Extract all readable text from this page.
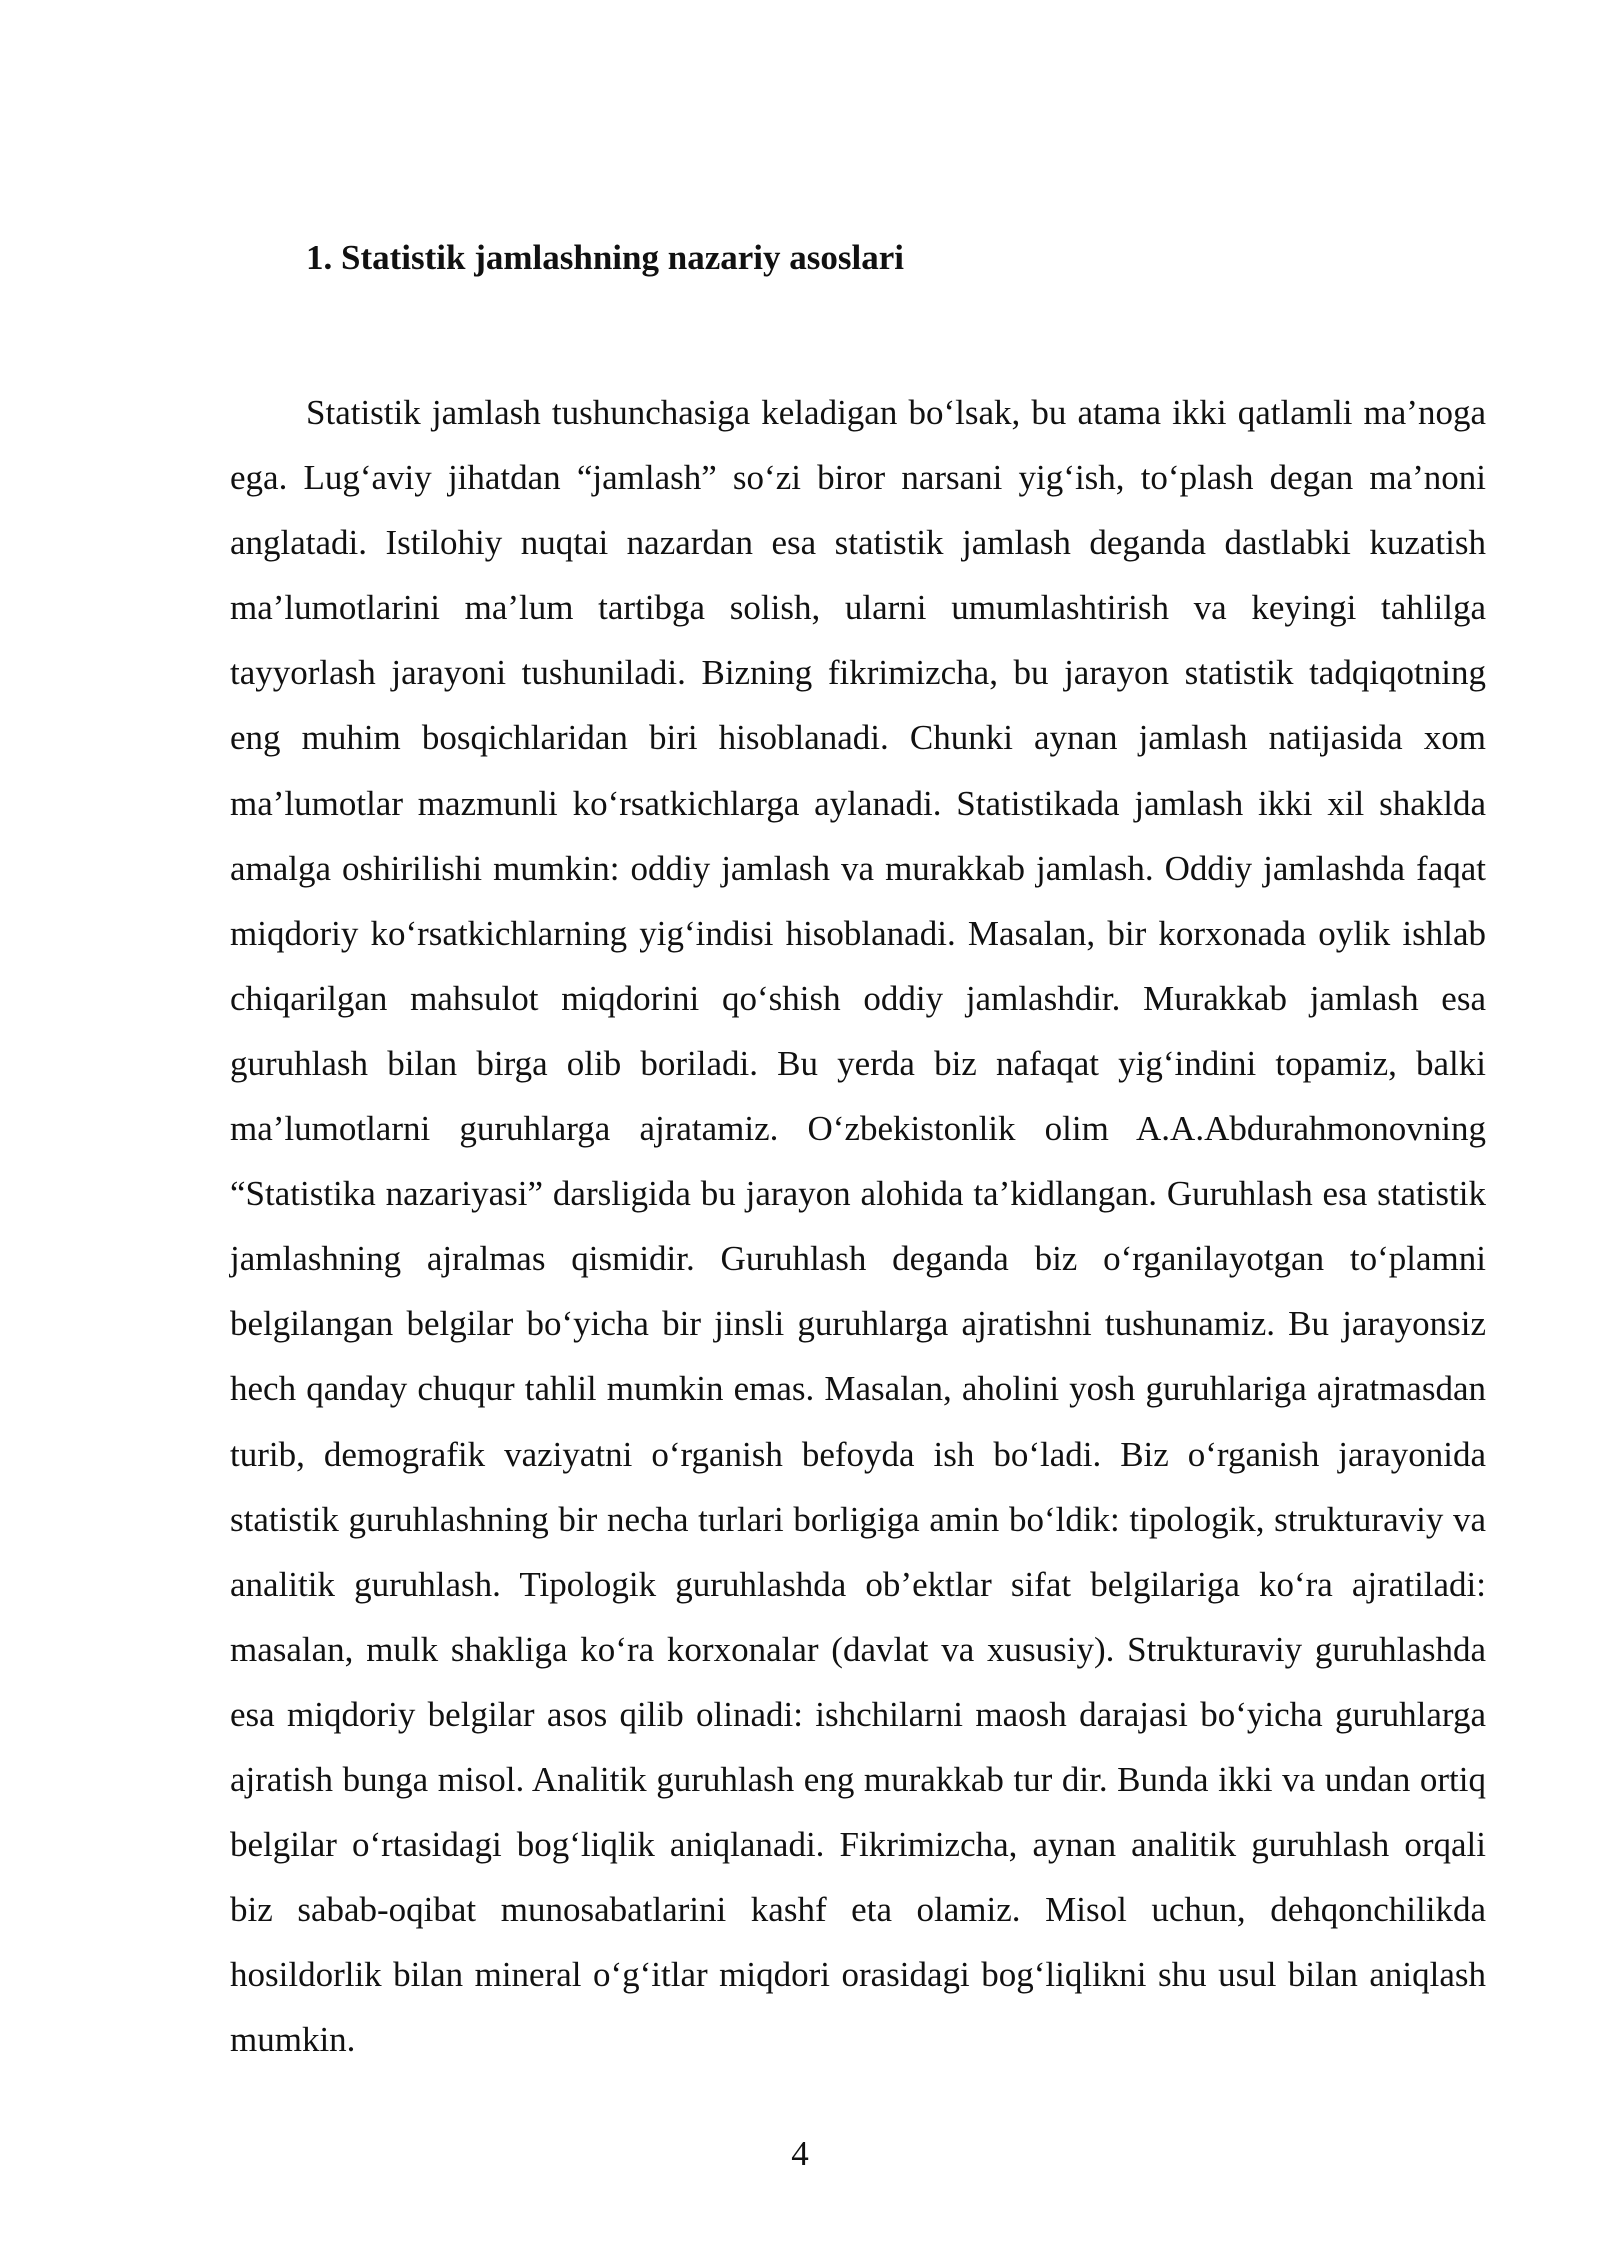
1. Statistik jamlashning nazariy asoslari

Statistik jamlash tushunchasiga keladigan bo‘lsak, bu atama ikki qatlamli ma’noga ega. Lug‘aviy jihatdan “jamlash” so‘zi biror narsani yig‘ish, to‘plash degan ma’noni anglatadi. Istilohiy nuqtai nazardan esa statistik jamlash deganda dastlabki kuzatish ma’lumotlarini ma’lum tartibga solish, ularni umumlashtirish va keyingi tahlilga tayyorlash jarayoni tushuniladi. Bizning fikrimizcha, bu jarayon statistik tadqiqotning eng muhim bosqichlaridan biri hisoblanadi. Chunki aynan jamlash natijasida xom ma’lumotlar mazmunli ko‘rsatkichlarga aylanadi. Statistikada jamlash ikki xil shakldа amalga oshirilishi mumkin: oddiy jamlash va murakkab jamlash. Oddiy jamlashda faqat miqdoriy ko‘rsatkichlarning yig‘indisi hisoblanadi. Masalan, bir korxonada oylik ishlab chiqarilgan mahsulot miqdorini qo‘shish oddiy jamlashdir. Murakkab jamlash esa guruhlash bilan birga olib boriladi. Bu yerda biz nafaqat yig‘indini topamiz, balki ma’lumotlarni guruhlarga ajratamiz. O‘zbekistonlik olim A.A.Abdurahmonovning “Statistika nazariyasi” darsligida bu jarayon alohida ta’kidlangan. Guruhlash esa statistik jamlashning ajralmas qismidir. Guruhlash deganda biz o‘rganilayotgan to‘plamni belgilangan belgilar bo‘yicha bir jinsli guruhlarga ajratishni tushunamiz. Bu jarayonsiz hech qanday chuqur tahlil mumkin emas. Masalan, aholini yosh guruhlariga ajratmasdan turib, demografik vaziyatni o‘rganish befoyda ish bo‘ladi. Biz o‘rganish jarayonida statistik guruhlashning bir necha turlari borligiga amin bo‘ldik: tipologik, strukturaviy va analitik guruhlash. Tipologik guruhlashda ob’ektlar sifat belgilariga ko‘ra ajratiladi: masalan, mulk shakliga ko‘ra korxonalar (davlat va xususiy). Strukturaviy guruhlashda esa miqdoriy belgilar asos qilib olinadi: ishchilarni maosh darajasi bo‘yicha guruhlarga ajratish bunga misol. Analitik guruhlash eng murakkab tur dir. Bunda ikki va undan ortiq belgilar o‘rtasidagi bog‘liqlik aniqlanadi. Fikrimizcha, aynan analitik guruhlash orqali biz sabab-oqibat munosabatlarini kashf eta olamiz. Misol uchun, dehqonchilikda hosildorlik bilan mineral o‘g‘itlar miqdori orasidagi bog‘liqlikni shu usul bilan aniqlash mumkin.

4
